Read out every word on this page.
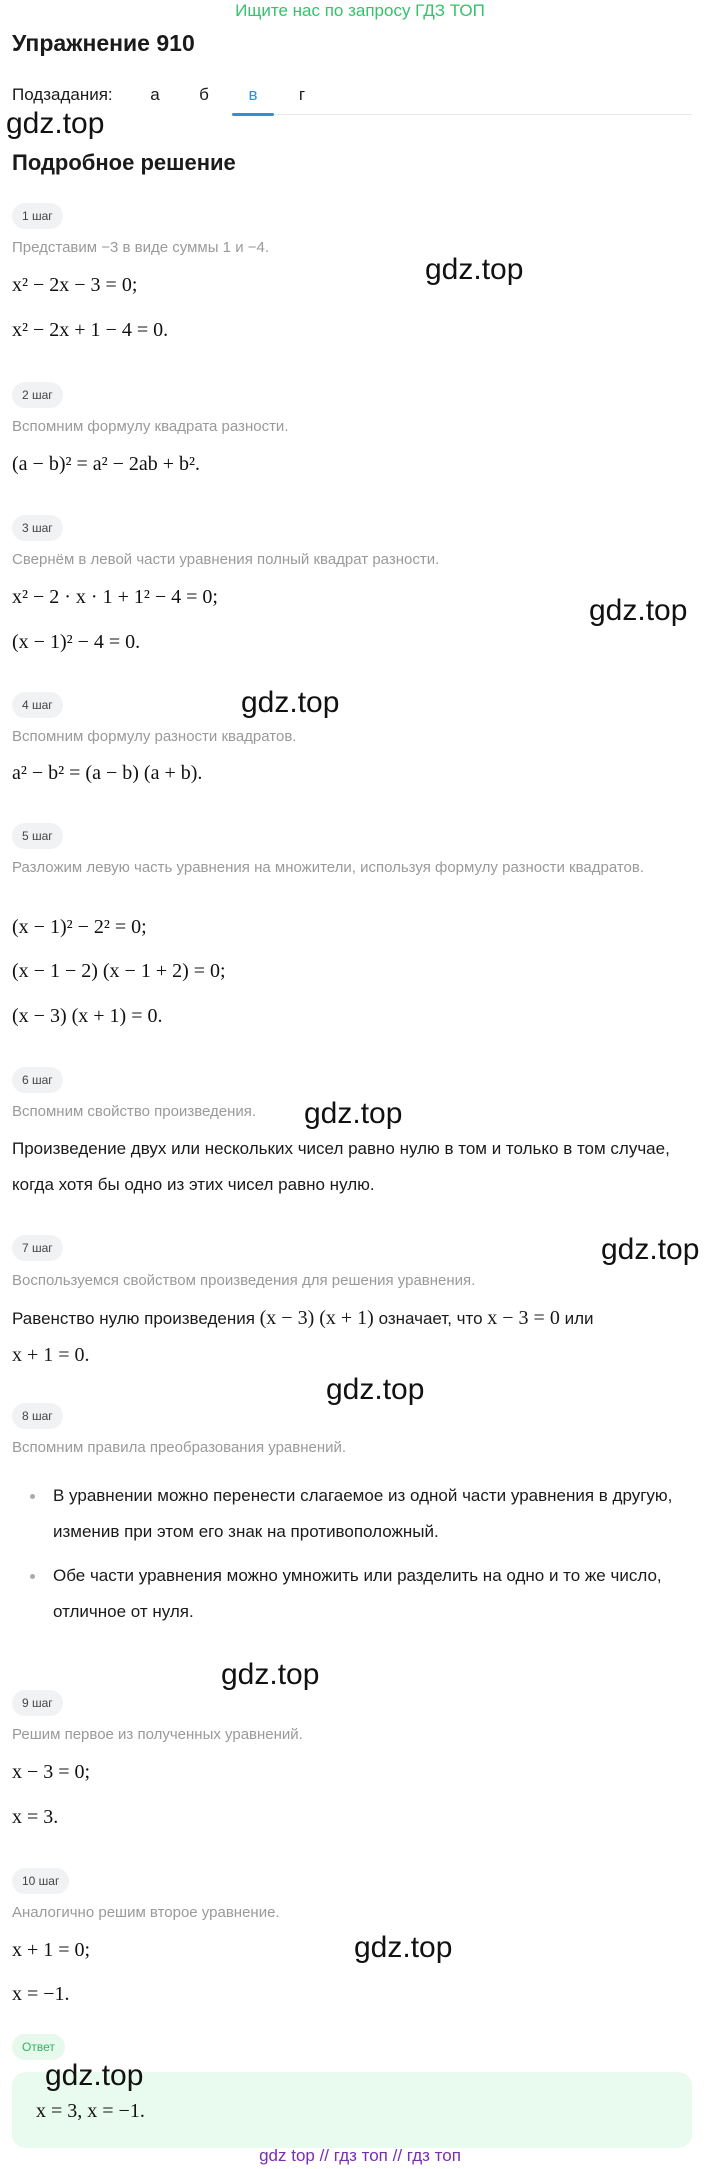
Ищите нас по запросу ГДЗ ТОП
Упражнение 910
Подзадания:	а	б	в	г
gdz.top
Подробное решение
1 шаг
Представим −3 в виде суммы 1 и −4.
x² − 2x − 3 = 0;
x² − 2x + 1 − 4 = 0.
gdz.top
2 шаг
Вспомним формулу квадрата разности.
(a − b)² = a² − 2ab + b².
3 шаг
Свернём в левой части уравнения полный квадрат разности.
x² − 2 · x · 1 + 1² − 4 = 0;
(x − 1)² − 4 = 0.
gdz.top
4 шаг	gdz.top
Вспомним формулу разности квадратов.
a² − b² = (a − b) (a + b).
5 шаг
Разложим левую часть уравнения на множители, используя формулу разности квадратов.
(x − 1)² − 2² = 0;
(x − 1 − 2) (x − 1 + 2) = 0;
(x − 3) (x + 1) = 0.
6 шаг
Вспомним свойство произведения.	gdz.top
Произведение двух или нескольких чисел равно нулю в том и только в том случае, когда хотя бы одно из этих чисел равно нулю.
7 шаг	gdz.top
Воспользуемся свойством произведения для решения уравнения.
Равенство нулю произведения (x − 3) (x + 1) означает, что x − 3 = 0 или
x + 1 = 0.
gdz.top
8 шаг
Вспомним правила преобразования уравнений.
В уравнении можно перенести слагаемое из одной части уравнения в другую, изменив при этом его знак на противоположный.
Обе части уравнения можно умножить или разделить на одно и то же число, отличное от нуля.
gdz.top
9 шаг
Решим первое из полученных уравнений.
x − 3 = 0;
x = 3.
10 шаг
Аналогично решим второе уравнение.
gdz.top
x + 1 = 0;
x = −1.
Ответ
gdz.top
x = 3, x = −1.
gdz top // гдз топ // гдз топ
